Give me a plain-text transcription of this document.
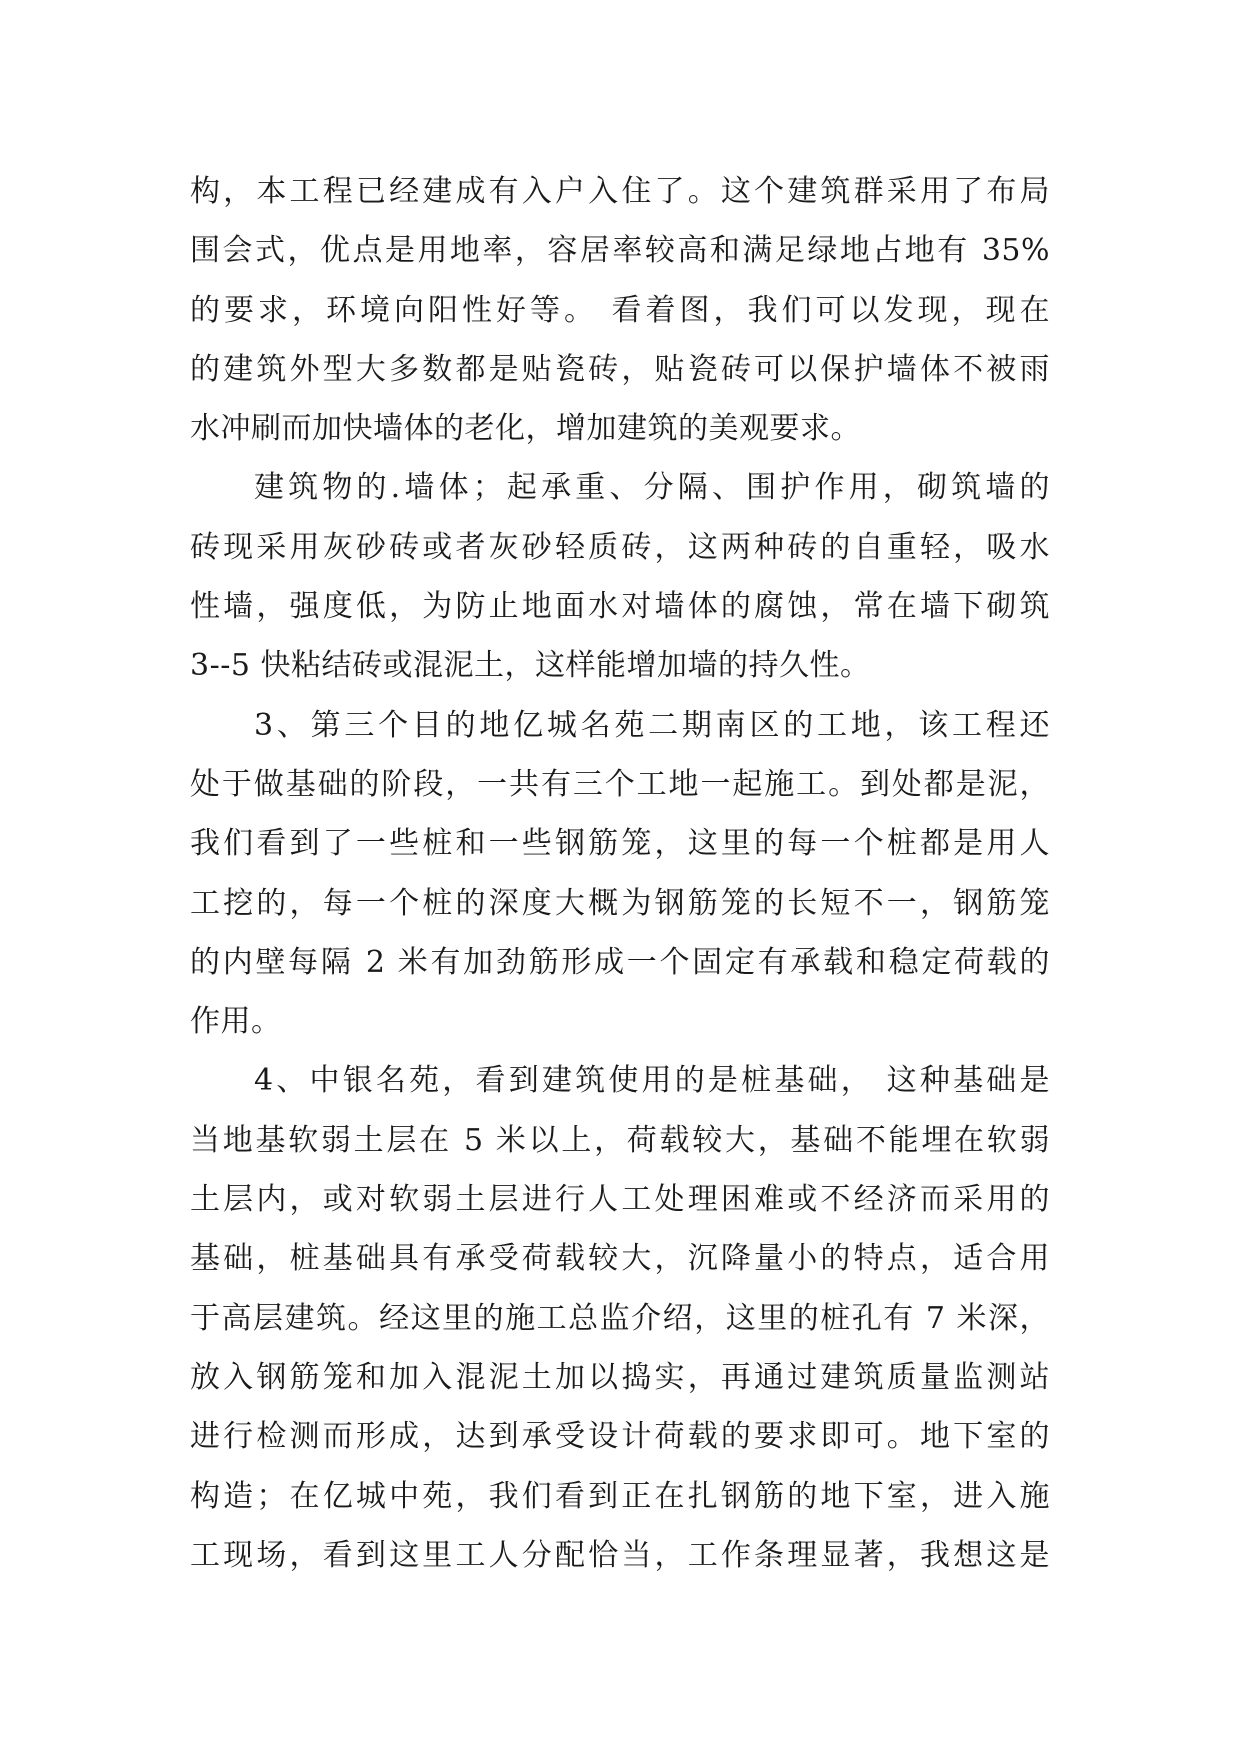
构，本工程已经建成有入户入住了。这个建筑群采用了布局
围会式，优点是用地率，容居率较高和满足绿地占地有 35%
的要求，环境向阳性好等。 看着图，我们可以发现，现在
的建筑外型大多数都是贴瓷砖，贴瓷砖可以保护墙体不被雨
水冲刷而加快墙体的老化，增加建筑的美观要求。
建筑物的.墙体；起承重、分隔、围护作用，砌筑墙的
砖现采用灰砂砖或者灰砂轻质砖，这两种砖的自重轻，吸水
性墙，强度低，为防止地面水对墙体的腐蚀，常在墙下砌筑
3--5 快粘结砖或混泥土，这样能增加墙的持久性。
3、第三个目的地亿城名苑二期南区的工地，该工程还
处于做基础的阶段，一共有三个工地一起施工。到处都是泥，
我们看到了一些桩和一些钢筋笼，这里的每一个桩都是用人
工挖的，每一个桩的深度大概为钢筋笼的长短不一，钢筋笼
的内壁每隔 2 米有加劲筋形成一个固定有承载和稳定荷载的
作用。
4、中银名苑，看到建筑使用的是桩基础， 这种基础是
当地基软弱土层在 5 米以上，荷载较大，基础不能埋在软弱
土层内，或对软弱土层进行人工处理困难或不经济而采用的
基础，桩基础具有承受荷载较大，沉降量小的特点，适合用
于高层建筑。经这里的施工总监介绍，这里的桩孔有 7 米深，
放入钢筋笼和加入混泥土加以捣实，再通过建筑质量监测站
进行检测而形成，达到承受设计荷载的要求即可。地下室的
构造；在亿城中苑，我们看到正在扎钢筋的地下室，进入施
工现场，看到这里工人分配恰当，工作条理显著，我想这是
